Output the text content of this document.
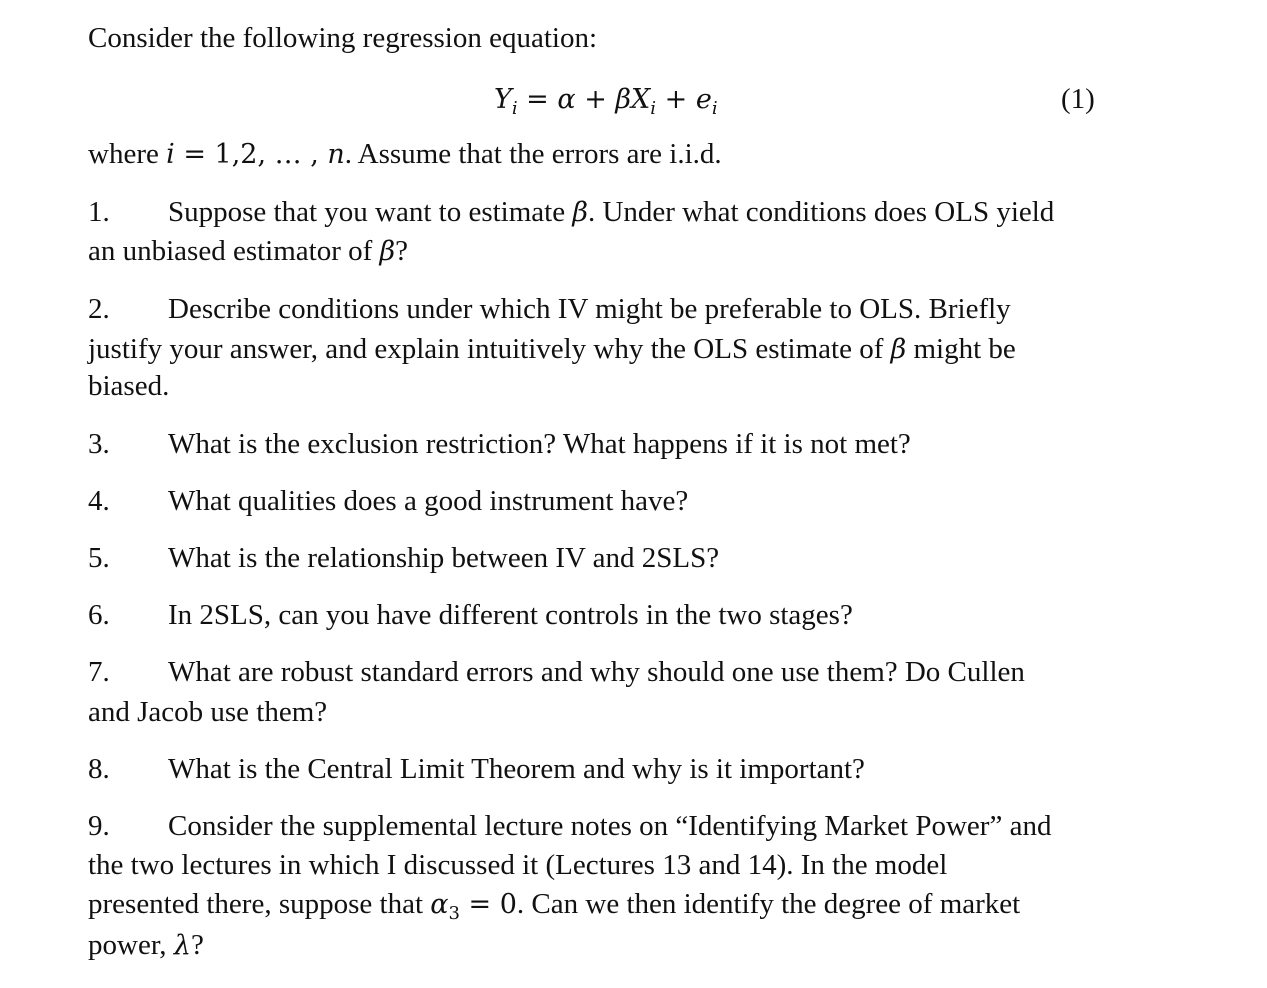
Consider the following regression equation:
$Y_i = \alpha + \beta X_i + e_i$	(1)
where i = 1,2, … , n. Assume that the errors are i.i.d.
1. Suppose that you want to estimate β. Under what conditions does OLS yield
an unbiased estimator of β?
2. Describe conditions under which IV might be preferable to OLS. Briefly
justify your answer, and explain intuitively why the OLS estimate of β might be
biased.
3. What is the exclusion restriction? What happens if it is not met?
4. What qualities does a good instrument have?
5. What is the relationship between IV and 2SLS?
6. In 2SLS, can you have different controls in the two stages?
7. What are robust standard errors and why should one use them? Do Cullen
and Jacob use them?
8. What is the Central Limit Theorem and why is it important?
9. Consider the supplemental lecture notes on “Identifying Market Power” and
the two lectures in which I discussed it (Lectures 13 and 14). In the model
presented there, suppose that $\alpha_3 = 0$. Can we then identify the degree of market
power, λ?
